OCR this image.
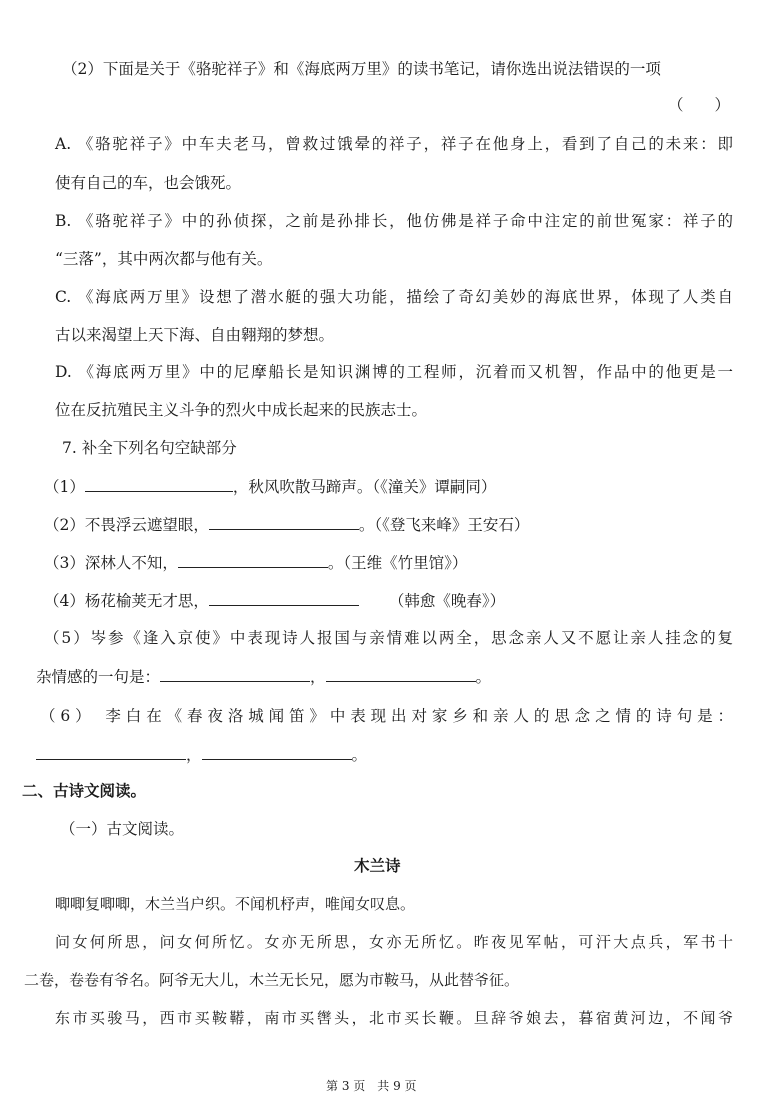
（2）下面是关于《骆驼祥子》和《海底两万里》的读书笔记，请你选出说法错误的一项
（　　）
A. 《骆驼祥子》中车夫老马，曾救过饿晕的祥子，祥子在他身上，看到了自己的未来：即
使有自己的车，也会饿死。
B. 《骆驼祥子》中的孙侦探，之前是孙排长，他仿佛是祥子命中注定的前世冤家：祥子的
“三落”，其中两次都与他有关。
C. 《海底两万里》设想了潜水艇的强大功能，描绘了奇幻美妙的海底世界，体现了人类自
古以来渴望上天下海、自由翱翔的梦想。
D. 《海底两万里》中的尼摩船长是知识渊博的工程师，沉着而又机智，作品中的他更是一
位在反抗殖民主义斗争的烈火中成长起来的民族志士。
7. 补全下列名句空缺部分
（1）	，秋风吹散马蹄声。（《潼关》谭嗣同）
（2）不畏浮云遮望眼，	。（《登飞来峰》王安石）
（3）深林人不知，	。（王维《竹里馆》）
（4）杨花榆荚无才思，	（韩愈《晚春》）
（5）岑参《逢入京使》中表现诗人报国与亲情难以两全，思念亲人又不愿让亲人挂念的复
杂情感的一句是：	，	。
（6） 李白在《春夜洛城闻笛》中表现出对家乡和亲人的思念之情的诗句是：
，	。
二、古诗文阅读。
（一）古文阅读。
木兰诗
唧唧复唧唧，木兰当户织。不闻机杼声，唯闻女叹息。
问女何所思，问女何所忆。女亦无所思，女亦无所忆。昨夜见军帖，可汗大点兵，军书十
二卷，卷卷有爷名。阿爷无大儿，木兰无长兄，愿为市鞍马，从此替爷征。
东市买骏马，西市买鞍鞯，南市买辔头，北市买长鞭。旦辞爷娘去，暮宿黄河边，不闻爷
第 3 页　共 9 页
